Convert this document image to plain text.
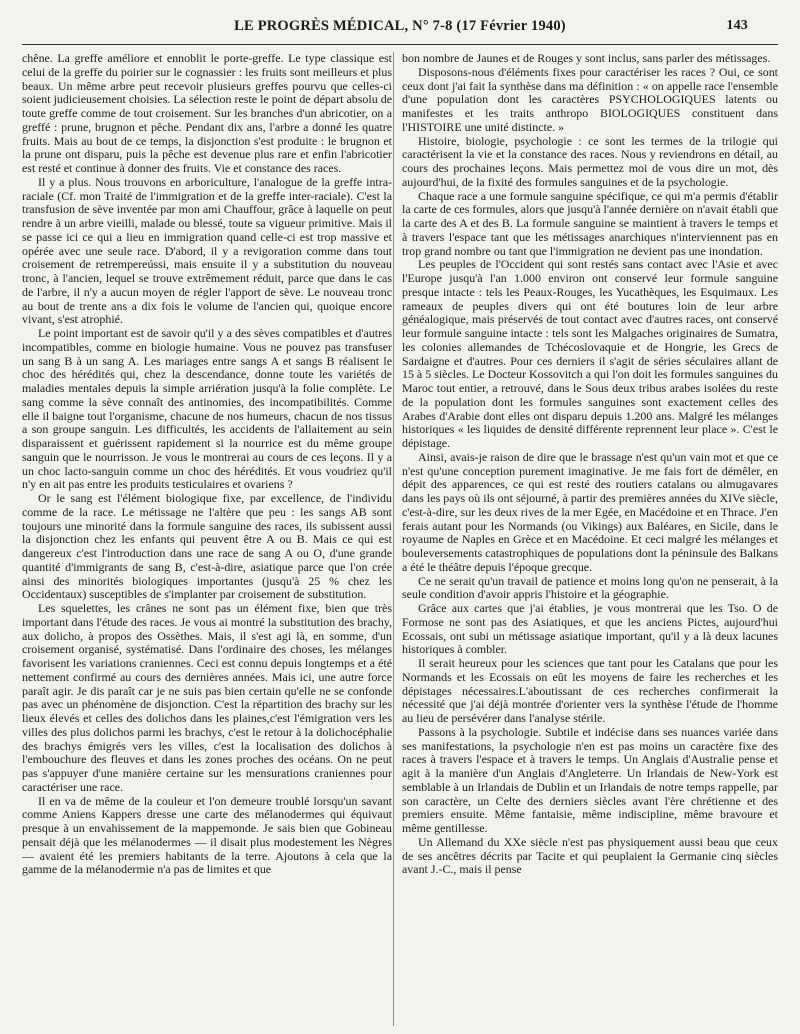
LE PROGRÈS MÉDICAL, N° 7-8 (17 Février 1940)	143

chêne. La greffe améliore et ennoblit le porte-greffe. Le type classique est celui de la greffe du poirier sur le cognassier : les fruits sont meilleurs et plus beaux. Un même arbre peut recevoir plusieurs greffes pourvu que celles-ci soient judicieusement choisies. La sélection reste le point de départ absolu de toute greffe comme de tout croisement. Sur les branches d'un abricotier, on a greffé : prune, brugnon et pêche. Pendant dix ans, l'arbre a donné les quatre fruits. Mais au bout de ce temps, la disjonction s'est produite : le brugnon et la prune ont disparu, puis la pêche est devenue plus rare et enfin l'abricotier est resté et continue à donner des fruits. Vie et constance des races.

Il y a plus. Nous trouvons en arboriculture, l'analogue de la greffe intra-raciale (Cf. mon Traité de l'immigration et de la greffe inter-raciale). C'est la transfusion de sève inventée par mon ami Chauffour, grâce à laquelle on peut rendre à un arbre vieilli, malade ou blessé, toute sa vigueur primitive. Mais il se passe ici ce qui a lieu en immigration quand celle-ci est trop massive et opérée avec une seule race. D'abord, il y a revigoration comme dans tout croisement de retrempereússi, mais ensuite il y a substitution du nouveau tronc, à l'ancien, lequel se trouve extrêmement réduit, parce que dans le cas de l'arbre, il n'y a aucun moyen de régler l'apport de sève. Le nouveau tronc au bout de trente ans a dix fois le volume de l'ancien qui, quoique encore vivant, s'est atrophié.

Le point important est de savoir qu'il y a des sèves compatibles et d'autres incompatibles, comme en biologie humaine. Vous ne pouvez pas transfuser un sang B à un sang A. Les mariages entre sangs A et sangs B réalisent le choc des hérédités qui, chez la descendance, donne toute les variétés de maladies mentales depuis la simple arriération jusqu'à la folie complète. Le sang comme la sève connaît des antinomies, des incompatibilités. Comme elle il baigne tout l'organisme, chacune de nos humeurs, chacun de nos tissus a son groupe sanguin. Les difficultés, les accidents de l'allaitement au sein disparaissent et guérissent rapidement si la nourrice est du même groupe sanguin que le nourrisson. Je vous le montrerai au cours de ces leçons. Il y a un choc lacto-sanguin comme un choc des hérédités. Et vous voudriez qu'il n'y en ait pas entre les produits testiculaires et ovariens ?

Or le sang est l'élément biologique fixe, par excellence, de l'individu comme de la race. Le métissage ne l'altère que peu : les sangs AB sont toujours une minorité dans la formule sanguine des races, ils subissent aussi la disjonction chez les enfants qui peuvent être A ou B. Mais ce qui est dangereux c'est l'introduction dans une race de sang A ou O, d'une grande quantité d'immigrants de sang B, c'est-à-dire, asiatique parce que l'on crée ainsi des minorités biologiques importantes (jusqu'à 25 % chez les Occidentaux) susceptibles de s'implanter par croisement de substitution.

Les squelettes, les crânes ne sont pas un élément fixe, bien que très important dans l'étude des races. Je vous ai montré la substitution des brachy, aux dolicho, à propos des Ossèthes. Mais, il s'est agi là, en somme, d'un croisement organisé, systématisé. Dans l'ordinaire des choses, les mélanges favorisent les variations craniennes. Ceci est connu depuis longtemps et a été nettement confirmé au cours des dernières années. Mais ici, une autre force paraît agir. Je dis paraît car je ne suis pas bien certain qu'elle ne se confonde pas avec un phénomène de disjonction. C'est la répartition des brachy sur les lieux élevés et celles des dolichos dans les plaines,c'est l'émigration vers les villes des plus dolichos parmi les brachys, c'est le retour à la dolichocéphalie des brachys émigrés vers les villes, c'est la localisation des dolichos à l'embouchure des fleuves et dans les zones proches des océans. On ne peut pas s'appuyer d'une manière certaine sur les mensurations craniennes pour caractériser une race.

Il en va de même de la couleur et l'on demeure troublé lorsqu'un savant comme Aniens Kappers dresse une carte des mélanodermes qui équivaut presque à un envahissement de la mappemonde. Je sais bien que Gobineau pensait déjà que les mélanodermes — il disait plus modestement les Nègres — avaient été les premiers habitants de la terre. Ajoutons à cela que la gamme de la mélanodermie n'a pas de limites et que

bon nombre de Jaunes et de Rouges y sont inclus, sans parler des métissages.

Disposons-nous d'éléments fixes pour caractériser les races ? Oui, ce sont ceux dont j'ai fait la synthèse dans ma définition : « on appelle race l'ensemble d'une population dont les caractères PSYCHOLOGIQUES latents ou manifestes et les traits anthropo BIOLOGIQUES constituent dans l'HISTOIRE une unité distincte. »

Histoire, biologie, psychologie : ce sont les termes de la trilogie qui caractérisent la vie et la constance des races. Nous y reviendrons en détail, au cours des prochaines leçons. Mais permettez moi de vous dire un mot, dès aujourd'hui, de la fixité des formules sanguines et de la psychologie.

Chaque race a une formule sanguine spécifique, ce qui m'a permis d'établir la carte de ces formules, alors que jusqu'à l'année dernière on n'avait établi que la carte des A et des B. La formule sanguine se maintient à travers le temps et à travers l'espace tant que les métissages anarchiques n'interviennent pas en trop grand nombre ou tant que l'immigration ne devient pas une inondation.

Les peuples de l'Occident qui sont restés sans contact avec l'Asie et avec l'Europe jusqu'à l'an 1.000 environ ont conservé leur formule sanguine presque intacte : tels les Peaux-Rouges, les Yucathèques, les Esquimaux. Les rameaux de peuples divers qui ont été boutures loin de leur arbre généalogique, mais préservés de tout contact avec d'autres races, ont conservé leur formule sanguine intacte : tels sont les Malgaches originaires de Sumatra, les colonies allemandes de Tchécoslovaquie et de Hongrie, les Grecs de Sardaigne et d'autres. Pour ces derniers il s'agit de séries séculaires allant de 15 à 5 siècles. Le Docteur Kossovitch a qui l'on doit les formules sanguines du Maroc tout entier, a retrouvé, dans le Sous deux tribus arabes isolées du reste de la population dont les formules sanguines sont exactement celles des Arabes d'Arabie dont elles ont disparu depuis 1.200 ans. Malgré les mélanges historiques « les liquides de densité différente reprennent leur place ». C'est le dépistage.

Ainsi, avais-je raison de dire que le brassage n'est qu'un vain mot et que ce n'est qu'une conception purement imaginative. Je me fais fort de démêler, en dépit des apparences, ce qui est resté des routiers catalans ou almugavares dans les pays où ils ont séjourné, à partir des premières années du XIVe siècle, c'est-à-dire, sur les deux rives de la mer Egée, en Macédoine et en Thrace. J'en ferais autant pour les Normands (ou Vikings) aux Baléares, en Sicile, dans le royaume de Naples en Grèce et en Macédoine. Et ceci malgré les mélanges et bouleversements catastrophiques de populations dont la péninsule des Balkans a été le théâtre depuis l'époque grecque.

Ce ne serait qu'un travail de patience et moins long qu'on ne penserait, à la seule condition d'avoir appris l'histoire et la géographie.

Grâce aux cartes que j'ai établies, je vous montrerai que les Tso. O de Formose ne sont pas des Asiatiques, et que les anciens Pictes, aujourd'hui Ecossais, ont subi un métissage asiatique important, qu'il y a là deux lacunes historiques à combler.

Il serait heureux pour les sciences que tant pour les Catalans que pour les Normands et les Ecossais on eût les moyens de faire les recherches et les dépistages nécessaires.L'aboutissant de ces recherches confirmerait la nécessité que j'ai déjà montrée d'orienter vers la synthèse l'étude de l'homme au lieu de persévérer dans l'analyse stérile.

Passons à la psychologie. Subtile et indécise dans ses nuances variée dans ses manifestations, la psychologie n'en est pas moins un caractère fixe des races à travers l'espace et à travers le temps. Un Anglais d'Australie pense et agit à la manière d'un Anglais d'Angleterre. Un Irlandais de New-York est semblable à un Irlandais de Dublin et un Irlandais de notre temps rappelle, par son caractère, un Celte des derniers siècles avant l'ère chrétienne et des premiers ensuite. Même fantaisie, même indiscipline, même bravoure et même gentillesse.

Un Allemand du XXe siècle n'est pas physiquement aussi beau que ceux de ses ancêtres décrits par Tacite et qui peuplaient la Germanie cinq siècles avant J.-C., mais il pense
